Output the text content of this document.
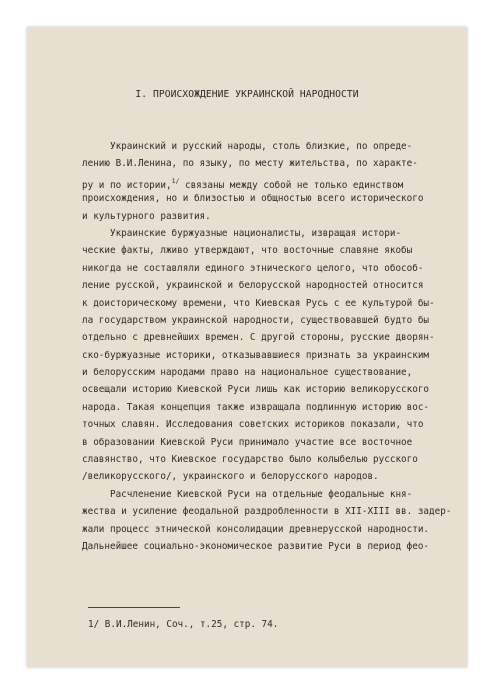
I. ПРОИСХОЖДЕНИЕ УКРАИНСКОЙ НАРОДНОСТИ
Украинский и русский народы, столь близкие, по опреде-
лению В.И.Ленина, по языку, по месту жительства, по характе-
ру и по истории,$^{1/}$ связаны между собой не только единством
происхождения, но и близостью и общностью всего исторического
и культурного развития.
Украинские буржуазные националисты, извращая истори-
ческие факты, лживо утверждают, что восточные славяне якобы
никогда не составляли единого этнического целого, что обособ-
ление русской, украинской и белорусской народностей относится
к доисторическому времени, что Киевская Русь с ее культурой бы-
ла государством украинской народности, существовавшей будто бы
отдельно с древнейших времен. С другой стороны, русские дворян-
ско-буржуазные историки, отказывавшиеся признать за украинским
и белорусским народами право на национальное существование,
освещали историю Киевской Руси лишь как историю великорусского
народа. Такая концепция также извращала подлинную историю вос-
точных славян. Исследования советских историков показали, что
в образовании Киевской Руси принимало участие все восточное
славянство, что Киевское государство было колыбелью русского
/великорусского/, украинского и белорусского народов.
Расчленение Киевской Руси на отдельные феодальные кня-
жества и усиление феодальной раздробленности в XII-XIII вв. задер-
жали процесс этнической консолидации древнерусской народности.
Дальнейшее социально-экономическое развитие Руси в период фео-
1/ В.И.Ленин, Соч., т.25, стр. 74.
